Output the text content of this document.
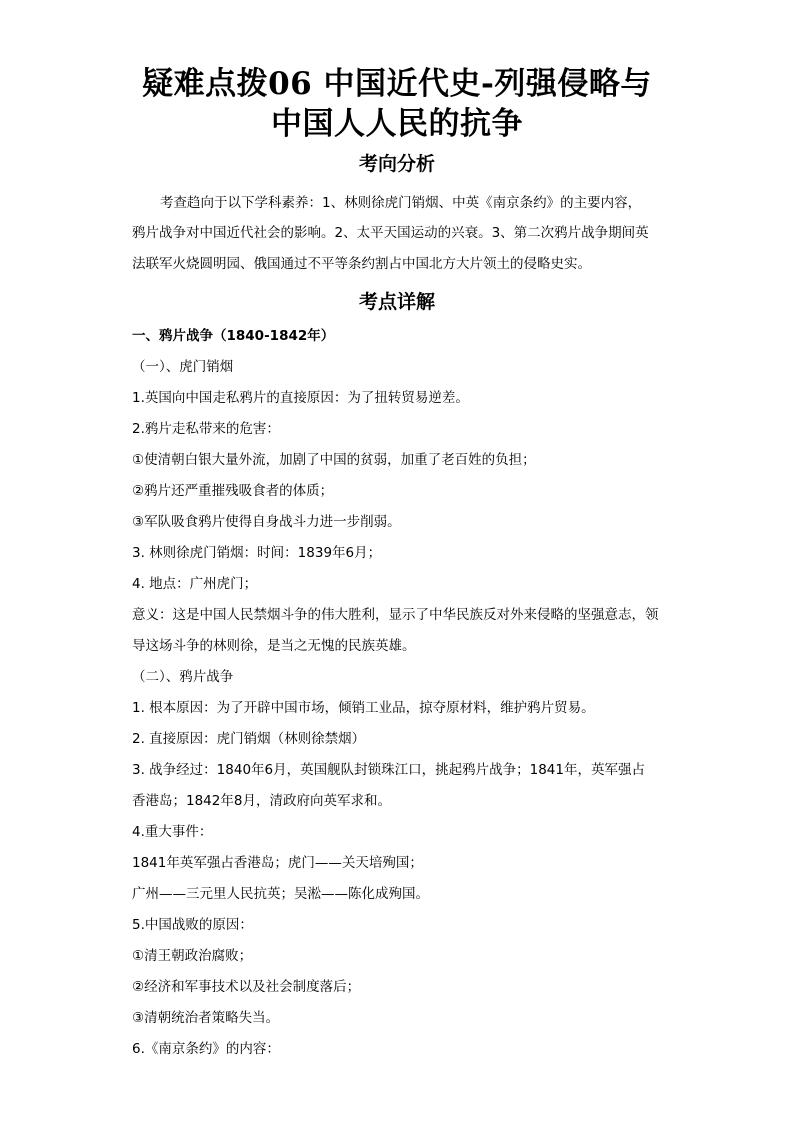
疑难点拨06 中国近代史-列强侵略与
中国人人民的抗争
考向分析

考查趋向于以下学科素养：1、林则徐虎门销烟、中英《南京条约》的主要内容，

鸦片战争对中国近代社会的影响。2、太平天国运动的兴衰。3、第二次鸦片战争期间英

法联军火烧圆明园、俄国通过不平等条约割占中国北方大片领土的侵略史实。

考点详解

一、鸦片战争（1840-1842年）

（一）、虎门销烟

1.英国向中国走私鸦片的直接原因：为了扭转贸易逆差。

2.鸦片走私带来的危害：

①使清朝白银大量外流，加剧了中国的贫弱，加重了老百姓的负担；

②鸦片还严重摧残吸食者的体质；

③军队吸食鸦片使得自身战斗力进一步削弱。

3. 林则徐虎门销烟：时间：1839年6月；

4. 地点：广州虎门；

意义：这是中国人民禁烟斗争的伟大胜利，显示了中华民族反对外来侵略的坚强意志，领

导这场斗争的林则徐，是当之无愧的民族英雄。

（二）、鸦片战争

1. 根本原因：为了开辟中国市场，倾销工业品，掠夺原材料，维护鸦片贸易。

2. 直接原因：虎门销烟（林则徐禁烟）

3. 战争经过：1840年6月，英国舰队封锁珠江口，挑起鸦片战争；1841年，英军强占

香港岛；1842年8月，清政府向英军求和。

4.重大事件：

1841年英军强占香港岛；虎门——关天培殉国；

广州——三元里人民抗英；吴淞——陈化成殉国。

5.中国战败的原因：

①清王朝政治腐败；

②经济和军事技术以及社会制度落后；

③清朝统治者策略失当。

6.《南京条约》的内容：
